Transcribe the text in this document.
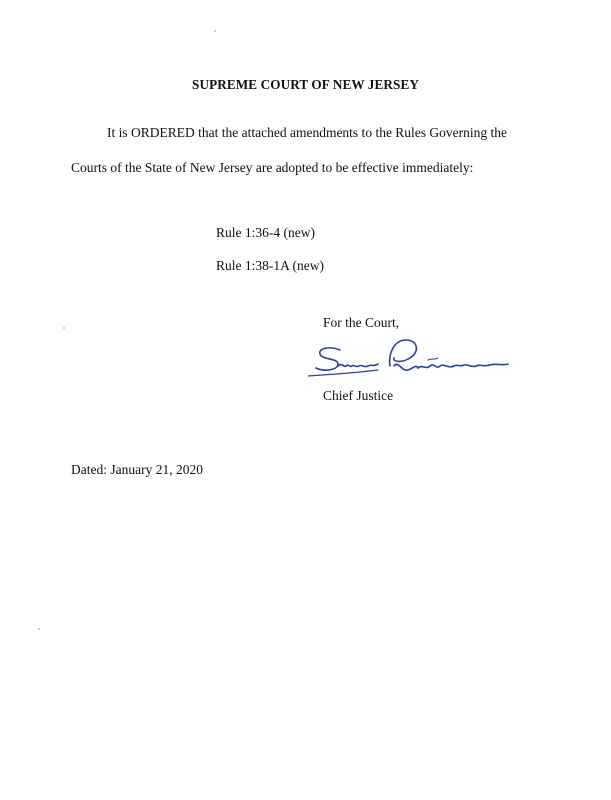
SUPREME COURT OF NEW JERSEY
It is ORDERED that the attached amendments to the Rules Governing the
Courts of the State of New Jersey are adopted to be effective immediately:
Rule 1:36-4 (new)
Rule 1:38-1A (new)
For the Court,
Chief Justice
Dated: January 21, 2020
